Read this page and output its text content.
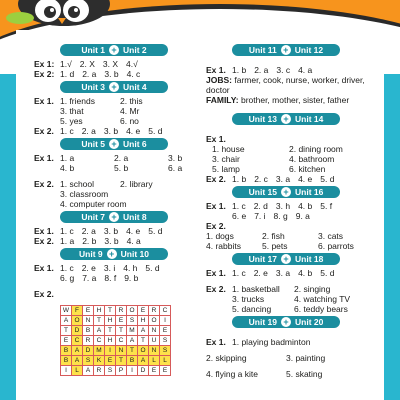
Unit 1 + Unit 2
Ex 1: 1.√ 2. X 3. X 4.√
Ex 2: 1. d 2. a 3. b 4. c
Unit 3 + Unit 4
Ex 1. 1. friends	2. this
3. that	4. Mr
5. yes	6. no
Ex 2. 1. c 2. a 3. b 4. e 5. d
Unit 5 + Unit 6
Ex 1. 1. a	2. a	3. b
4. b	5. b	6. a
Ex 2. 1. school	2. library
3. classroom
4. computer room
Unit 7 + Unit 8
Ex 1. 1. c 2. a 3. b 4. e 5. d
Ex 2. 1. a 2. b 3. b 4. a
Unit 9 + Unit 10
Ex 1. 1. c 2. e 3. i 4. h 5. d
6. g 7. a 8. f 9. b
Ex 2.
W	F	E	H	T	R	O	E	R	C
A	O	N	T	H	E	S	H	O	I
T	D	B	A	T	T	M	A	N	E
E	C	R	C	H	C	A	T	U	S
B	A	D	M	I	N	T	O	N	S
B	A	S	K	E	T	B	A	L	L
I	L	A	R	S	P	I	D	E	E
Unit 11 + Unit 12
Ex 1. 1. b 2. a 3. c 4. a
JOBS: farmer, cook, nurse, worker, driver, doctor
FAMILY: brother, mother, sister, father
Unit 13 + Unit 14
Ex 1.
1. house	2. dining room
3. chair	4. bathroom
5. lamp	6. kitchen
Ex 2. 1. b 2. c 3. a 4. e 5. d
Unit 15 + Unit 16
Ex 1. 1. c 2. d 3. h 4. b 5. f
6. e 7. i 8. g 9. a
Ex 2.
1. dogs	2. fish	3. cats
4. rabbits	5. pets	6. parrots
Unit 17 + Unit 18
Ex 1. 1. c 2. e 3. a 4. b 5. d
Ex 2. 1. basketball	2. singing
3. trucks	4. watching TV
5. dancing	6. teddy bears
Unit 19 + Unit 20
Ex 1. 1. playing badminton
2. skipping	3. painting
4. flying a kite	5. skating
